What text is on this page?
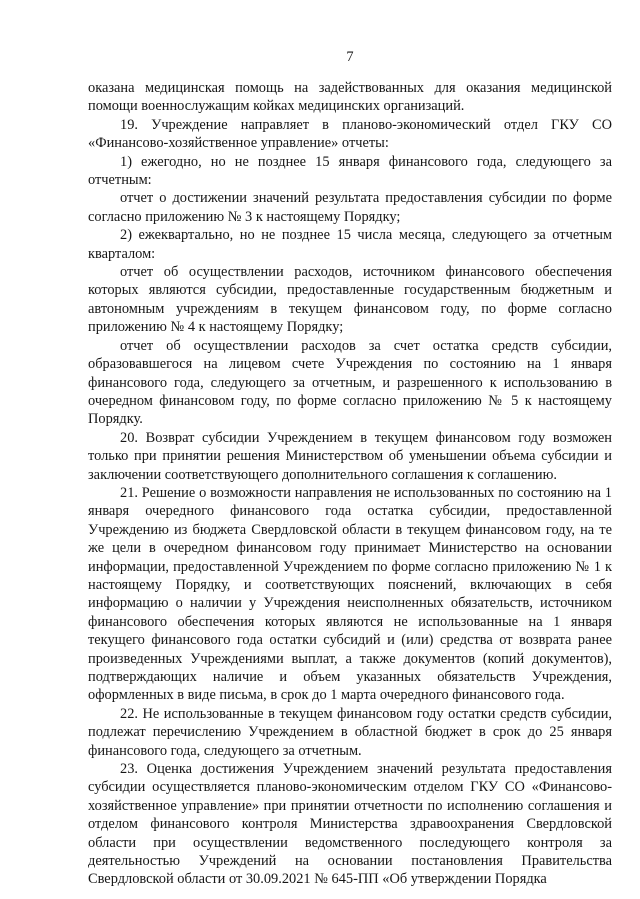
7

оказана медицинская помощь на задействованных для оказания медицинской помощи военнослужащим койках медицинских организаций.

19. Учреждение направляет в планово-экономический отдел ГКУ СО «Финансово-хозяйственное управление» отчеты:

1) ежегодно, но не позднее 15 января финансового года, следующего за отчетным:

отчет о достижении значений результата предоставления субсидии по форме согласно приложению № 3 к настоящему Порядку;

2) ежеквартально, но не позднее 15 числа месяца, следующего за отчетным кварталом:

отчет об осуществлении расходов, источником финансового обеспечения которых являются субсидии, предоставленные государственным бюджетным и автономным учреждениям в текущем финансовом году, по форме согласно приложению № 4 к настоящему Порядку;

отчет об осуществлении расходов за счет остатка средств субсидии, образовавшегося на лицевом счете Учреждения по состоянию на 1 января финансового года, следующего за отчетным, и разрешенного к использованию в очередном финансовом году, по форме согласно приложению № 5 к настоящему Порядку.

20. Возврат субсидии Учреждением в текущем финансовом году возможен только при принятии решения Министерством об уменьшении объема субсидии и заключении соответствующего дополнительного соглашения к соглашению.

21. Решение о возможности направления не использованных по состоянию на 1 января очередного финансового года остатка субсидии, предоставленной Учреждению из бюджета Свердловской области в текущем финансовом году, на те же цели в очередном финансовом году принимает Министерство на основании информации, предоставленной Учреждением по форме согласно приложению № 1 к настоящему Порядку, и соответствующих пояснений, включающих в себя информацию о наличии у Учреждения неисполненных обязательств, источником финансового обеспечения которых являются не использованные на 1 января текущего финансового года остатки субсидий и (или) средства от возврата ранее произведенных Учреждениями выплат, а также документов (копий документов), подтверждающих наличие и объем указанных обязательств Учреждения, оформленных в виде письма, в срок до 1 марта очередного финансового года.

22. Не использованные в текущем финансовом году остатки средств субсидии, подлежат перечислению Учреждением в областной бюджет в срок до 25 января финансового года, следующего за отчетным.

23. Оценка достижения Учреждением значений результата предоставления субсидии осуществляется планово-экономическим отделом ГКУ СО «Финансово-хозяйственное управление» при принятии отчетности по исполнению соглашения и отделом финансового контроля Министерства здравоохранения Свердловской области при осуществлении ведомственного последующего контроля за деятельностью Учреждений на основании постановления Правительства Свердловской области от 30.09.2021 № 645-ПП «Об утверждении Порядка
